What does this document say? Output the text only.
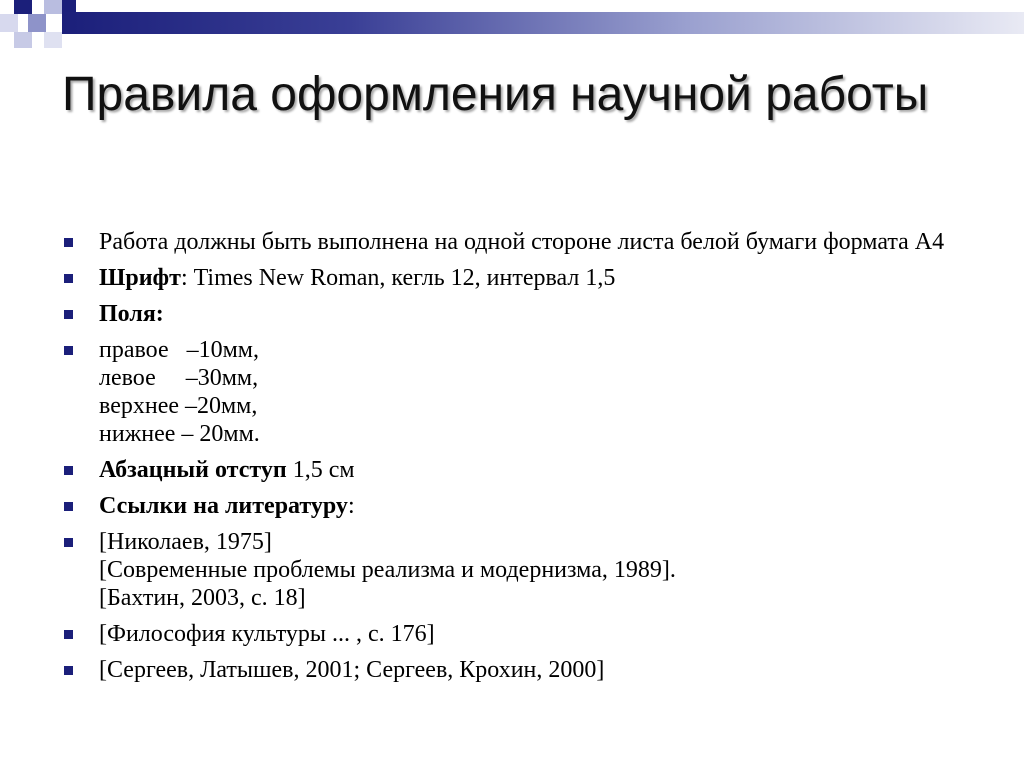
Правила оформления научной работы
Работа должны быть выполнена на одной стороне листа белой бумаги формата А4
Шрифт: Times New Roman, кегль 12, интервал 1,5
Поля:
правое   –10мм,
левое     –30мм,
верхнее –20мм,
нижнее – 20мм.
Абзацный отступ 1,5 см
Ссылки на литературу:
[Николаев, 1975]
[Современные проблемы реализма и модернизма, 1989].
[Бахтин, 2003, с. 18]
[Философия культуры ... , с. 176]
[Сергеев, Латышев, 2001; Сергеев, Крохин, 2000]
